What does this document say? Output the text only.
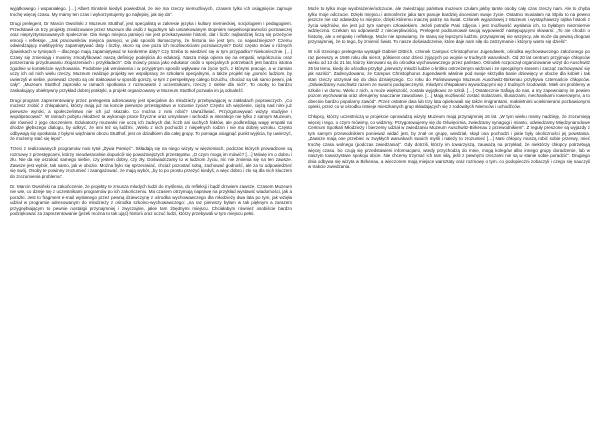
wyjątkowego i wspaniałego. […] Albert Einstein kiedyś powiedział, że nie ma rzeczy niemożliwych, czasem tylko ich osiągnięcie zajmuje trochę więcej czasu. My mamy ten czas i wykorzystujemy go najlepiej, jak się da”.

Drugi prelegent, Dr Marcin Owsiński z Muzeum Stutthof, jest specjalistą w zakresie języka i kultury niemieckiej, socjologiem i pedagogiem. Przedstawił on trzy projekty zrealizowane przez Muzeum dla osób z ługodnym lub umiarkowanym stopniem niepełnosprawności poznawczej oraz niepryztystosowanych społecznie. Dla mego miejsca pamięci nie jest przekazywanie historii, dat i liczb: najbardziej liczą się przeżycie emocji i refleksje. „Jak pracowników miejsca pamięci, w jaki sposób tłumaczymy, że historia nie jest tym, co najważniejsze? Czemu odwiedzający mielibyyśmy zapamiętywać daty i liczby, skoro są one poza ich możliwościami poznawczymi? Dość często mówi o różnych zjawiskach w tyrsięach – dlaczego mają zapamiętywać te konkretne daty? Czy trzeba to wiedzieć się w tym przypadku? Niekoniecznie. […] Czasy się zmieniają i musimy zmodyfikować naszą definicję podejścia do edukacji. Nasza misja opiera się na empatii, współczuciu oraz poszerzaniu przydruwaniu zkojarzeniach i przykładach”. Dla mówcy praca jako edukator osób o specjalnych potrzebach jest bardzo istotna zgodnie w kontekście wychowania. Podobnie jak wmówienia i w przyjętnym sposób wpływaw na życie tych, z którymi pracuje, a w zamian uczy ich od nich wielu rzeczy. Muzeum realizuje projekty we współpracy ze szkołami specjalnymi, a także projekt się „pomóc ludziom, by uwierzyli w siebie, ponieważ często są oni traktowani w sposób gorszy, w tym z perspektywy całego brzuchu, chociaż są tak samo pewni, jak cały”. „Muzeum Stutthof zaprosiło w ramach spotkania z rozmowami z uczestnikami, rzeczy z siebie dla nich”. To osoby to bardzo zaskakujący obiektywny przykład dobrej praktyki, a projekt organizowany w Muzeum Stutthof pozwala im ją odnaleźć.

Drugi program zaprezentowany przez prelegenta adresowany jest specjalnie do młodzieży przebywającej w zakładach poprawczych. „Co możesz zrobić z chłopakami, którzy mają już na koncie pierwsze przestępstwo w rozumie życia? Często ich więzienie, ciężą nad nimi już pierwsze wyroki, a społeczeństwo nie ich już skazało. Co można z nimi robić? Uwrażliwiać. Przyzgotowywać wizyty studyjne i współpracować”. W ramach pobytu młodzież ta wykonuje prace fizyczne oraz umysłowe i wchodzi w interakcje nie tylko z samym Muzeum, ale również z jego otoczeniem. Edukatorzy muzealni nie uczą ich żadnych dat, liczb ani suchych faktów, ale podkreślają wagę empatii na drodze głębszego dialogu, by odkryć, że inni też są ludźmi. „Wielu z nich pochodzi z niepełnych rodzin i nie ma dobrej wzroku. Często odbywają się spotkania z byłymi więźniami obozu Stutthof, jest on dziadkiem dla całej grupy. To pomaga osiągnąć punkt wyjścia, by uwierzyć, że możemy stać się lepsi”.

Trzeci z realizowanych programów nosi tytuł „Żywa Pamięć”. Składają się na niego wizyty w więzieniach, podczas których prowadzone są rozmowy z przestępcami, którzy nieodwracalnie dopuścili się poważniejszych przestępstw. „O czym mogą im mówić? […] Mówię im o dobru i złu. Nie da się oszukać samego siebie, czy jestem dobry, czy zły. Doświadczamy to w ludziom życiu, nic nie zmienia się na ten zawsze. Zawsze jest wybór, tak samo, jak w obozie. Można było się sprzeciwiać, chciaż pozostać sobą, zachować godność, ale za to odpowiedzieć się swój. Osoby te powinny zrozumieć i zaangażować, że mają wybór, „by to po prostu przeżyć kiedyś, a więc dobro i zło są dla nich kluczem do zrozumienia problemu”.

Dr. Marcin Owsiński na zakończenie, że projekty te zmusza młodych ludzi do myślenia, do refleksji i bądź drzwiem zawsze. Czasem Muzeum nie wie, co dzieje się z uczestnikami programów po ich zakończeniu. Ma czasem otrzymują naprawę na przykład wystawić wiadomości, jak a porażki. Jest to fragment e-mail wysłanego przez pewną dziewczynę z ośrodka wychowawczego dla młodzieży dwa lata po tym, jak wzięła udział w programie adresowanym do młodzieży z ośrodka szkolno-wychowawczego: „na raz pierwszy byłam w tak pięknym a zarazem przygnębiającym to pewnie nostalgii przynajmniej i zwyczajnie, jakie tam zbędnymi miejscu. Chciałabym również osobiście bardzo podziękować za zaprezentowanie (jeżeli można to tak ująć) historii oraz uczuć ludzi, którzy przebywali w tym miejscu pełni.

Może to tylko moje wyobrażenie/odczucie, ale zwiedzając państwa muzeum czułam jakby tamte osoby cały czas rzeczy nam. Ale to chyba tylko moje odczucie. Dzięki miejscu i atmosferze jaka tam panuje bardziej doceniam swoje życie. Ostatnio musiałam na Stpilu to na pewno jeszcze nie raz odwiedzę to miejsce, dzięki któremu inaczej patrzę na świat. Członek wyjazdowej z Muzeum i wystąchawszy rąbka historii z życia więźniów, nie jest już tym samym człowiekiem. Jeżeli potrafie Pani zdjęcia i jest możliwość wysłania ich, to byłabym niezmiernie wdzięczna. Czekam na odpowiedź z niecierpliwością. Prelegent podsumował swoją wypowiedź następującymi słowami: „To nie chodzi o historię, ale o empatię i refleksję. Może nie sprawiamy, że staną się lepszymi ludźmi, przynajmniej nie wszyscy, ale może da pewną drogowi przynajmniej, że to tego, by zmienić świat. To nasze doświadczenie, które daje nam siłę do zatrzymanie i któryny warto się dzielić”.

W roli trzeciego prelegenta wystąpił Gabriel Dittrich, członek Campus Christophorus Jugendwerk, ośrodka wychowawczego założonego po raz pierwszy w 1946 roku dla sierot, półsierot oraz dzieci żyjących po wojnie w trudnych warunkach. Od 20 lat centrum przyjmuje chłopców wieku od 13 do 21 lat, którzy kierowani są do ośrodka wychowawczego przez państwo. Ośrodek rozpoczął organizowanie wizyt do Auschwitz 25 lat temu, kiedy do ośrodka przybył „pierwszy młodzi ludzie o krótko ostrzeżenym widzowi i ze specjalnym stosem i zacząć zachowywać się jak naziści”. Zadecydowano, że Campus Christophorus Jugendwerk właśnie pod swoje skrzydła banie dziewięcy w obozie dla kobiet i tak stan rzeczy utrzymał się do dnia dzisiejszego. Co roku do Państwowego Muzeum Auschwitz-Birkenau przybywa czternaście chłopców. „Odwiedzamy Auschwitz razem ze swoimi podopiecznymi, młodymi chłopakami wywodzącymi się z trudnych środowisk. Mieli oni problemy w szkole i w domu. Wielu z nich, a może większość, zostało wyjątkowo ze szkół. […] Ostatecznie trafiają do nas, a my zapewniamy im pewien pozom wychowania oraz oferujemy nauczanie zawodowe. […] Mają możliwość zostać stolarzami, ślusarzami, mechanikami rowerowymi, a to obecnie bardzo popularny zawód”. Przez ostatnie dwa lub trzy lata opiekowali się także imigrantami, małoletnimi uciekinierami pozbawionymi opieki, przez co w ośrodku istnieje mieszkanych grup składających się z rodowitych Niemców i uchodźców.

Chłopcy, którzy uczestniczą w projekcie oprowadzą wizyty Muzeum mają przynajmniej 16 lat. „W tym wieku mamy nadzieję, że zrozumieją więcej i tego, o czym mówimy, co widzimy. Przygotowujemy się do Oświęcimia, zwiedzamy synagogi i miasto, odwiedzamy Międzynarodowe Centrum Spotkań Młodzieży i bierzemy udział w zwiedzaniu Muzeum Auschwitz-Birkenau z przewodnikiem”. Z reguły preszone są wyjazdy z tym samym przewodnikiem ponieważ widać jest, by znał on grupę, wiedział, skąd ona pochodzi i jakie były okoliczności jej powstania. „Zawsze mają one przebiec w zwykłych warunkach swoich myśli i należy to zrozumieć […] Nasi chłopcy muszą robić sobie przerwy, mieć trochę czasu wolnego (podczas zwiedzania)”. Gdy dotrzili, którzy im towarzyszą, zauważą na przykład, że niektórzy chłopcy potrzebują więcej czasu, bo czują się przedstawieni informacjami, wtedy przychodzą do mnie, mogą kolegów albo innego grupy doradzenie, lub w naszym towarzystwie spokoju obcie. Nie chcemy trzymać ich tam siłą, jeśli z pewnymi rzeczami nie są w stanie sobie poradzić”. Drugiego dnia odbywa się wizyta w Birkenau, a wieczorem mają miejsce warsztaty oraz rozmowy o tym, co podopieczni zobaczyli i czego się nauczyli w trakcie zwiedzania.
